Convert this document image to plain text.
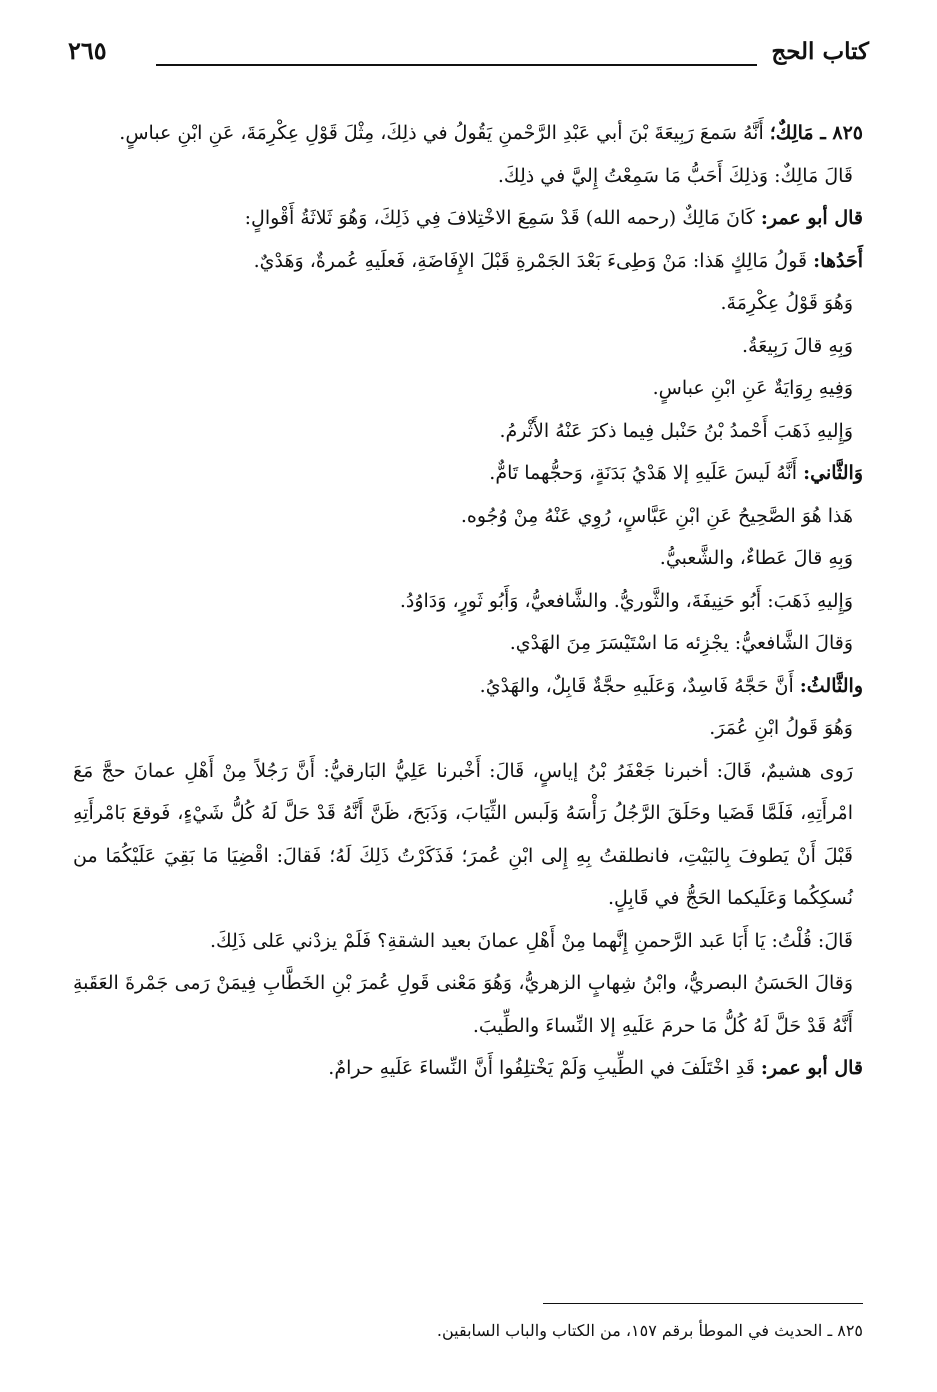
كتاب الحج
٢٦٥

٨٢٥ ـ مَالِكٌ؛ أَنَّهُ سَمعَ رَبِيعَةَ بْنَ أبي عَبْدِ الرَّحْمنِ يَقُولُ في ذلِكَ، مِثْلَ قَوْلِ عِكْرِمَةَ، عَنِ ابْنِ عباسٍ.

قَالَ مَالِكٌ: وَذلِكَ أَحَبُّ مَا سَمِعْتُ إِليَّ في ذلِكَ.

قال أبو عمر: كَانَ مَالِكٌ (رحمه الله) قَدْ سَمِعَ الاخْتِلافَ فِي ذَلِكَ، وَهُوَ ثَلاثَةُ أَقْوالٍ:

أَحَدُها: قَولُ مَالِكٍ هَذا: مَنْ وَطِىءَ بَعْدَ الجَمْرةِ قَبْلَ الإِفَاضَةِ، فَعلَيهِ عُمرةٌ، وَهَدْيٌ.

وَهُوَ قَوْلُ عِكْرِمَةَ.

وَبِهِ قالَ رَبِيعَةُ.

وَفِيهِ رِوَايَةٌ عَنِ ابْنِ عباسٍ.

وَإِليهِ ذَهَبَ أَحْمدُ بْنُ حَنْبل فِيما ذكرَ عَنْهُ الأَثْرمُ.

وَالثَّاني: أَنَّهُ لَيسَ عَلَيهِ إلا هَدْيُ بَدَنَةٍ، وَحجُّهما تَامٌّ.

هَذا هُوَ الصَّحِيحُ عَنِ ابْنِ عَبَّاسٍ، رُوِي عَنْهُ مِنْ وُجُوه.

وَبِهِ قالَ عَطاءٌ، والشَّعبيُّ.

وَإِليهِ ذَهَبَ: أَبُو حَنِيفَةَ، والثَّوريُّ. والشَّافعيُّ، وَأَبُو ثَورٍ، وَدَاوُدُ.

وَقالَ الشَّافعيُّ: يجْزِئه مَا اسْتَيْسَرَ مِنَ الهَدْي.

والثَّالثُ: أَنَّ حَجَّهُ فَاسِدٌ، وَعَلَيهِ حجَّةٌ قَابِلٌ، والهَدْيُ.

وَهُوَ قَولُ ابْنِ عُمَرَ.

رَوى هشيمٌ، قَالَ: أخبرنا جَعْفَرُ بْنُ إياسٍ، قَالَ: أَخْبرنا عَلِيُّ البَارقيُّ: أَنَّ رَجُلاً مِنْ أَهْلِ عمانَ حجَّ مَعَ امْرأَتِهِ، فَلَمَّا قَضَيا وحَلَقَ الرَّجُلُ رَأْسَهُ وَلَبس الثِّيَابَ، وَذَبَحَ، ظَنَّ أَنَّهُ قَدْ حَلَّ لَهُ كُلُّ شَيْءٍ، فَوقعَ بَامْرأَتِهِ قَبْلَ أَنْ يَطوفَ بِالبَيْتِ، فانطلقتُ بِهِ إِلى ابْنِ عُمرَ؛ فَذَكَرْتُ ذَلِكَ لَهُ؛ فَقالَ: اقْضِيَا مَا بَقِيَ عَلَيْكُمَا من نُسكِكُما وَعَلَيكما الحَجُّ في قَابِلٍ.

قَالَ: قُلْتُ: يَا أَبَا عَبد الرَّحمنِ إِنَّهما مِنْ أَهْلِ عمانَ بعيد الشقةِ؟ فَلَمْ يزدْني عَلى ذَلِكَ.

وَقالَ الحَسَنُ البصريُّ، وابْنُ شِهابٍ الزهريُّ، وَهُوَ مَعْنى قَولِ عُمرَ بْنِ الخَطَّابِ فِيمَنْ رَمى جَمْرةَ العَقَبةِ أَنَّهُ قَدْ حَلَّ لَهُ كُلُّ مَا حرمَ عَلَيهِ إلا النِّساءَ والطِّيبَ.

قال أبو عمر: قَدِ اخْتَلَفَ في الطِّيبِ وَلَمْ يَخْتلِفُوا أَنَّ النِّساءَ عَلَيهِ حرامٌ.

٨٢٥ ـ الحديث في الموطأ برقم ١٥٧، من الكتاب والباب السابقين.
